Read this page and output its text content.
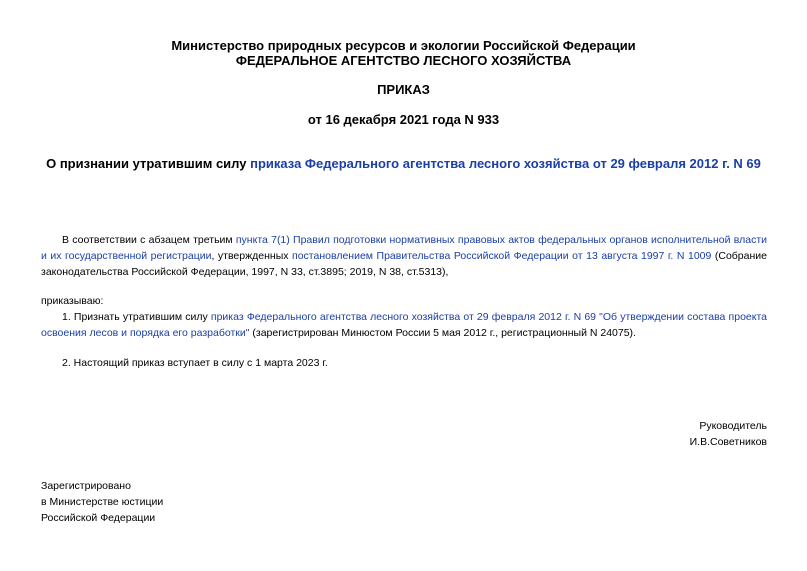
Министерство природных ресурсов и экологии Российской Федерации
ФЕДЕРАЛЬНОЕ АГЕНТСТВО ЛЕСНОГО ХОЗЯЙСТВА
ПРИКАЗ
от 16 декабря 2021 года N 933
О признании утратившим силу приказа Федерального агентства лесного хозяйства от 29 февраля 2012 г. N 69
В соответствии с абзацем третьим пункта 7(1) Правил подготовки нормативных правовых актов федеральных органов исполнительной власти и их государственной регистрации, утвержденных постановлением Правительства Российской Федерации от 13 августа 1997 г. N 1009 (Собрание законодательства Российской Федерации, 1997, N 33, ст.3895; 2019, N 38, ст.5313),
приказываю:
1. Признать утратившим силу приказ Федерального агентства лесного хозяйства от 29 февраля 2012 г. N 69 "Об утверждении состава проекта освоения лесов и порядка его разработки" (зарегистрирован Минюстом России 5 мая 2012 г., регистрационный N 24075).
2. Настоящий приказ вступает в силу с 1 марта 2023 г.
Руководитель
И.В.Советников
Зарегистрировано
в Министерстве юстиции
Российской Федерации
